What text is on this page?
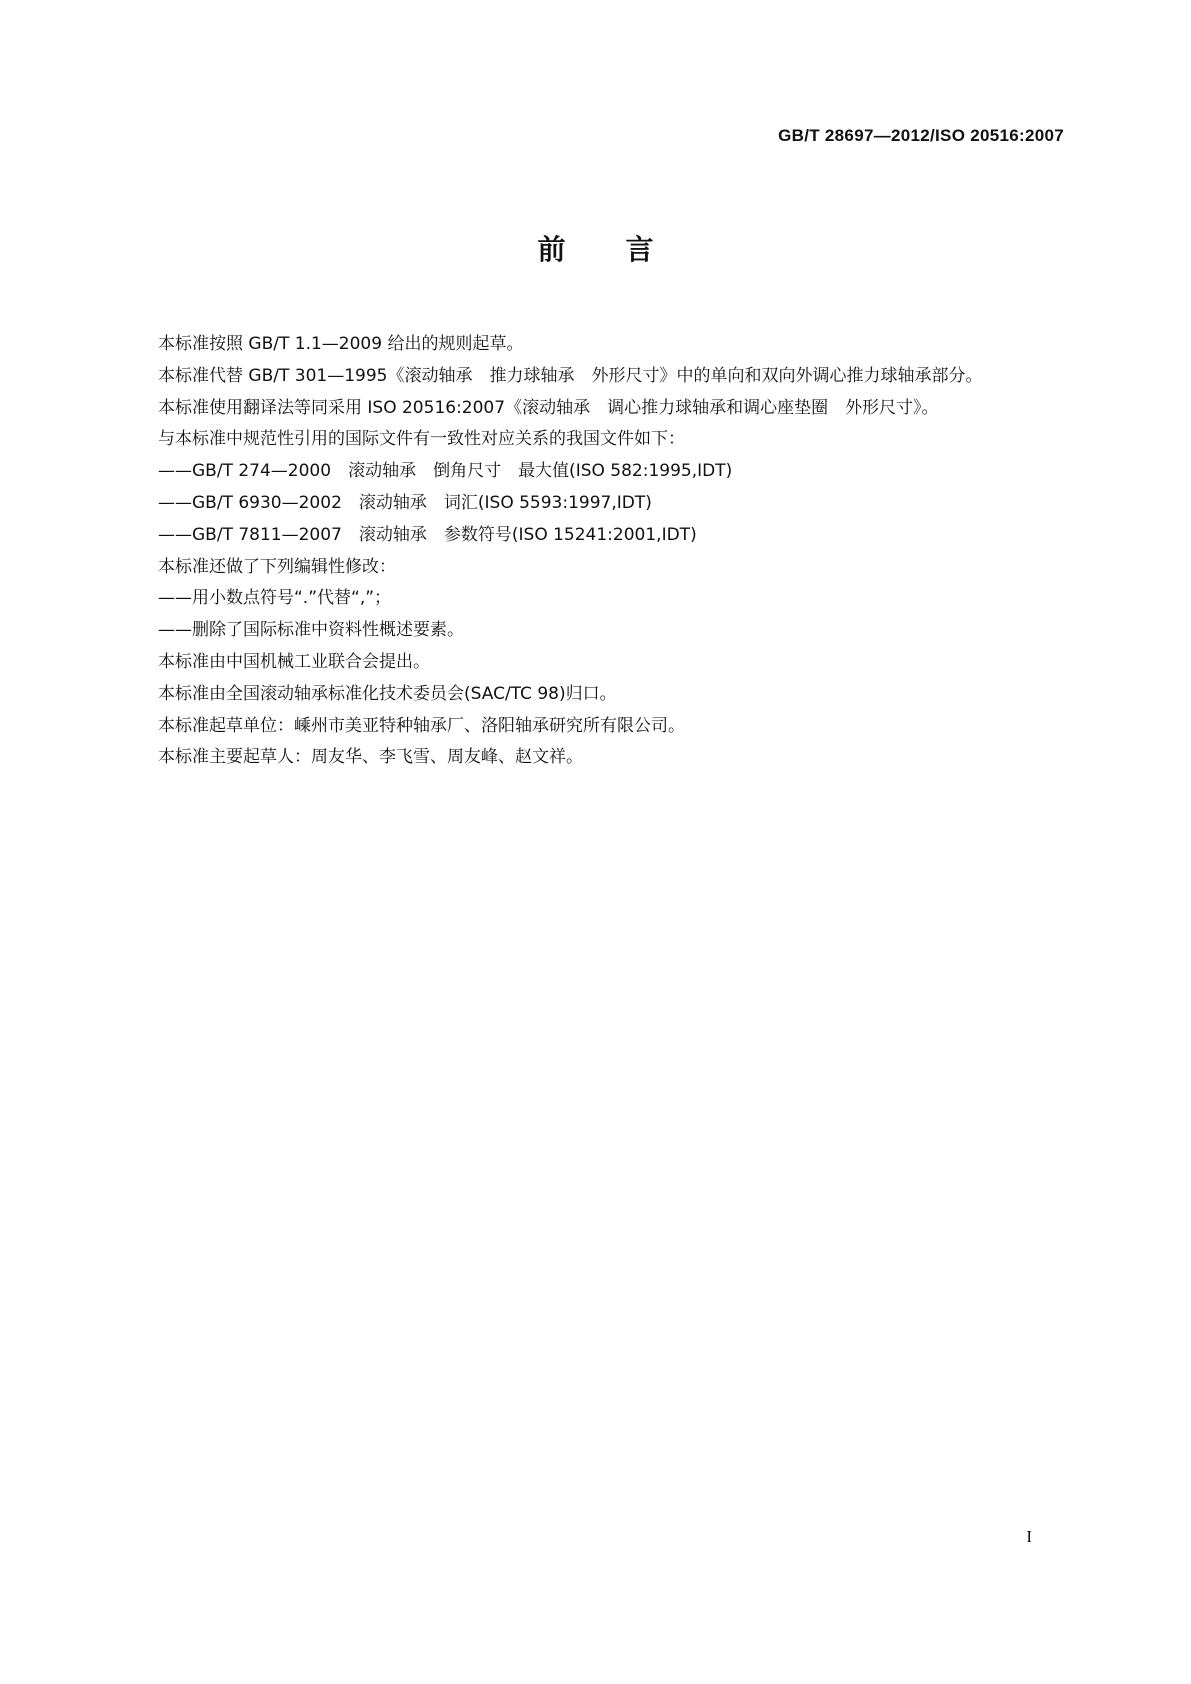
GB/T 28697—2012/ISO 20516:2007
前言

本标准按照 GB/T 1.1—2009 给出的规则起草。

本标准代替 GB/T 301—1995《滚动轴承　推力球轴承　外形尺寸》中的单向和双向外调心推力球轴承部分。

本标准使用翻译法等同采用 ISO 20516:2007《滚动轴承　调心推力球轴承和调心座垫圈　外形尺寸》。

与本标准中规范性引用的国际文件有一致性对应关系的我国文件如下：

——GB/T 274—2000　滚动轴承　倒角尺寸　最大值(ISO 582:1995,IDT)

——GB/T 6930—2002　滚动轴承　词汇(ISO 5593:1997,IDT)

——GB/T 7811—2007　滚动轴承　参数符号(ISO 15241:2001,IDT)

本标准还做了下列编辑性修改：

——用小数点符号“.”代替“,”；

——删除了国际标准中资料性概述要素。

本标准由中国机械工业联合会提出。

本标准由全国滚动轴承标准化技术委员会(SAC/TC 98)归口。

本标准起草单位：嵊州市美亚特种轴承厂、洛阳轴承研究所有限公司。

本标准主要起草人：周友华、李飞雪、周友峰、赵文祥。

I
